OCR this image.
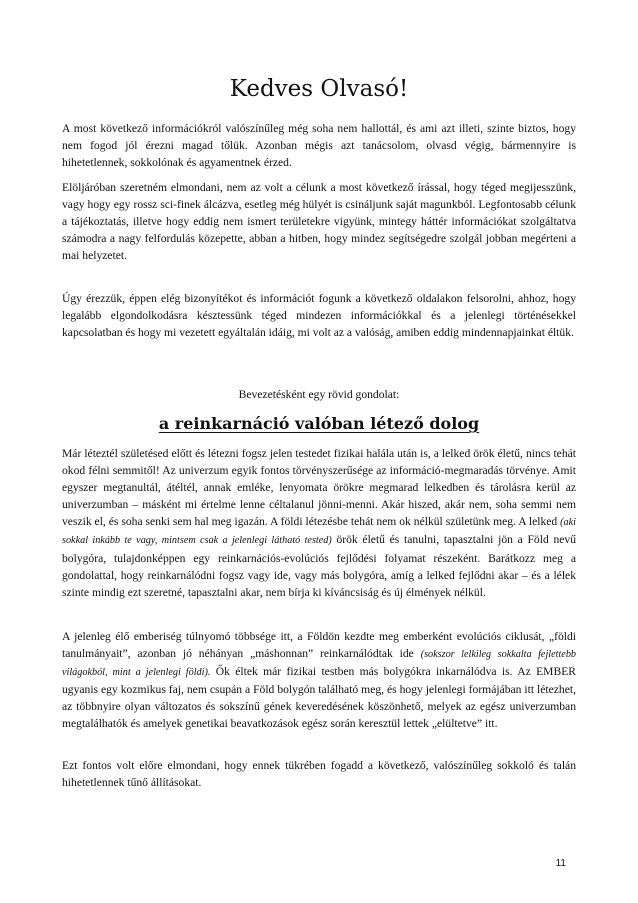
Kedves Olvasó!

A most következő információkról valószínűleg még soha nem hallottál, és ami azt illeti, szinte biztos, hogy nem fogod jól érezni magad tőlük. Azonban mégis azt tanácsolom, olvasd végig, bármennyire is hihetetlennek, sokkolónak és agyamentnek érzed.

Elöljáróban szeretném elmondani, nem az volt a célunk a most következő írással, hogy téged megijesszünk, vagy hogy egy rossz sci-finek álcázva, esetleg még hülyét is csináljunk saját magunkból. Legfontosabb célunk a tájékoztatás, illetve hogy eddig nem ismert területekre vigyünk, mintegy háttér információkat szolgáltatva számodra a nagy felfordulás közepette, abban a hitben, hogy mindez segítségedre szolgál jobban megérteni a mai helyzetet.

Úgy érezzük, éppen elég bizonyítékot és információt fogunk a következő oldalakon felsorolni, ahhoz, hogy legalább elgondolkodásra késztessünk téged mindezen információkkal és a jelenlegi történésekkel kapcsolatban és hogy mi vezetett egyáltalán idáig, mi volt az a valóság, amiben eddig mindennapjainkat éltük.

Bevezetésként egy rövid gondolat:

a reinkarnáció valóban létező dolog

Már léteztél születésed előtt és létezni fogsz jelen testedet fizikai halála után is, a lelked örök életű, nincs tehát okod félni semmitől! Az univerzum egyik fontos törvényszerűsége az információ-megmaradás törvénye. Amit egyszer megtanultál, átéltél, annak emléke, lenyomata örökre megmarad lelkedben és tárolásra kerül az univerzumban – másként mi értelme lenne céltalanul jönni-menni. Akár hiszed, akár nem, soha semmi nem veszik el, és soha senki sem hal meg igazán. A földi létezésbe tehát nem ok nélkül születünk meg. A lelked (aki sokkal inkább te vagy, mintsem csak a jelenlegi látható tested) örök életű és tanulni, tapasztalni jön a Föld nevű bolygóra, tulajdonképpen egy reinkarnációs-evolúciós fejlődési folyamat részeként. Barátkozz meg a gondolattal, hogy reinkarnálódni fogsz vagy ide, vagy más bolygóra, amíg a lelked fejlődni akar – és a lélek szinte mindig ezt szeretné, tapasztalni akar, nem bírja ki kíváncsiság és új élmények nélkül.

A jelenleg élő emberiség túlnyomó többsége itt, a Földön kezdte meg emberként evolúciós ciklusát, „földi tanulmányait”, azonban jó néhányan „máshonnan” reinkarnálódtak ide (sokszor lelkileg sokkalta fejlettebb világokból, mint a jelenlegi földi). Ők éltek már fizikai testben más bolygókra inkarnálódva is. Az EMBER ugyanis egy kozmikus faj, nem csupán a Föld bolygón található meg, és hogy jelenlegi formájában itt létezhet, az többnyire olyan változatos és sokszínű gének keveredésének köszönhető, melyek az egész univerzumban megtalálhatók és amelyek genetikai beavatkozások egész során keresztül lettek „elültetve” itt.

Ezt fontos volt előre elmondani, hogy ennek tükrében fogadd a következő, valószínűleg sokkoló és talán hihetetlennek tűnő állításokat.

11
